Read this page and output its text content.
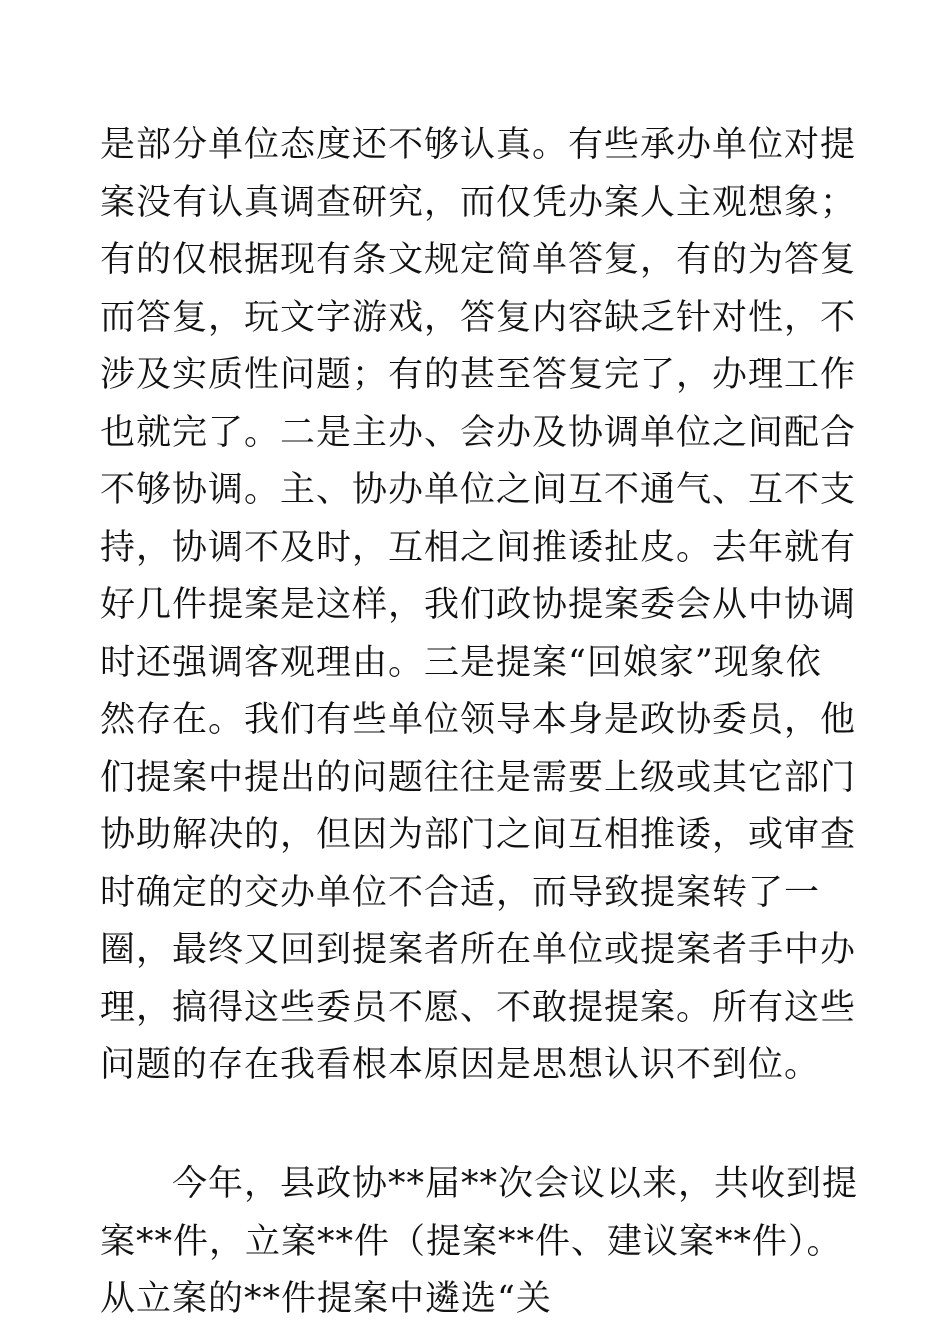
是部分单位态度还不够认真。有些承办单位对提
案没有认真调查研究，而仅凭办案人主观想象；
有的仅根据现有条文规定简单答复，有的为答复
而答复，玩文字游戏，答复内容缺乏针对性，不
涉及实质性问题；有的甚至答复完了，办理工作
也就完了。二是主办、会办及协调单位之间配合
不够协调。主、协办单位之间互不通气、互不支
持，协调不及时，互相之间推诿扯皮。去年就有
好几件提案是这样，我们政协提案委会从中协调
时还强调客观理由。三是提案“回娘家”现象依
然存在。我们有些单位领导本身是政协委员，他
们提案中提出的问题往往是需要上级或其它部门
协助解决的，但因为部门之间互相推诿，或审查
时确定的交办单位不合适，而导致提案转了一
圈，最终又回到提案者所在单位或提案者手中办
理，搞得这些委员不愿、不敢提提案。所有这些
问题的存在我看根本原因是思想认识不到位。
今年，县政协**届**次会议以来，共收到提
案**件，立案**件（提案**件、建议案**件）。
从立案的**件提案中遴选“关
